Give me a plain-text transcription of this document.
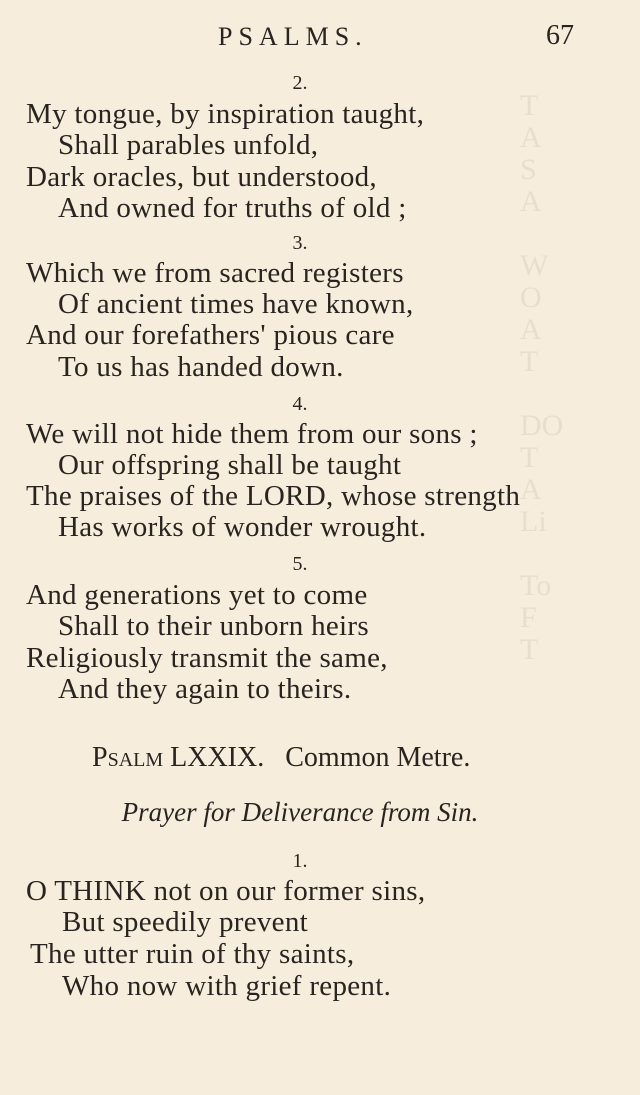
T
A
S
A

W
O
A
T

DO
T
A
Li

To
F
T
PSALMS.	67
2.
My tongue, by inspiration taught,
Shall parables unfold,
Dark oracles, but understood,
And owned for truths of old ;
3.
Which we from sacred registers
Of ancient times have known,
And our forefathers' pious care
To us has handed down.
4.
We will not hide them from our sons ;
Our offspring shall be taught
The praises of the LORD, whose strength
Has works of wonder wrought.
5.
And generations yet to come
Shall to their unborn heirs
Religiously transmit the same,
And they again to theirs.
Psalm LXXIX. Common Metre.
Prayer for Deliverance from Sin.
1.
O THINK not on our former sins,
But speedily prevent
The utter ruin of thy saints,
Who now with grief repent.
